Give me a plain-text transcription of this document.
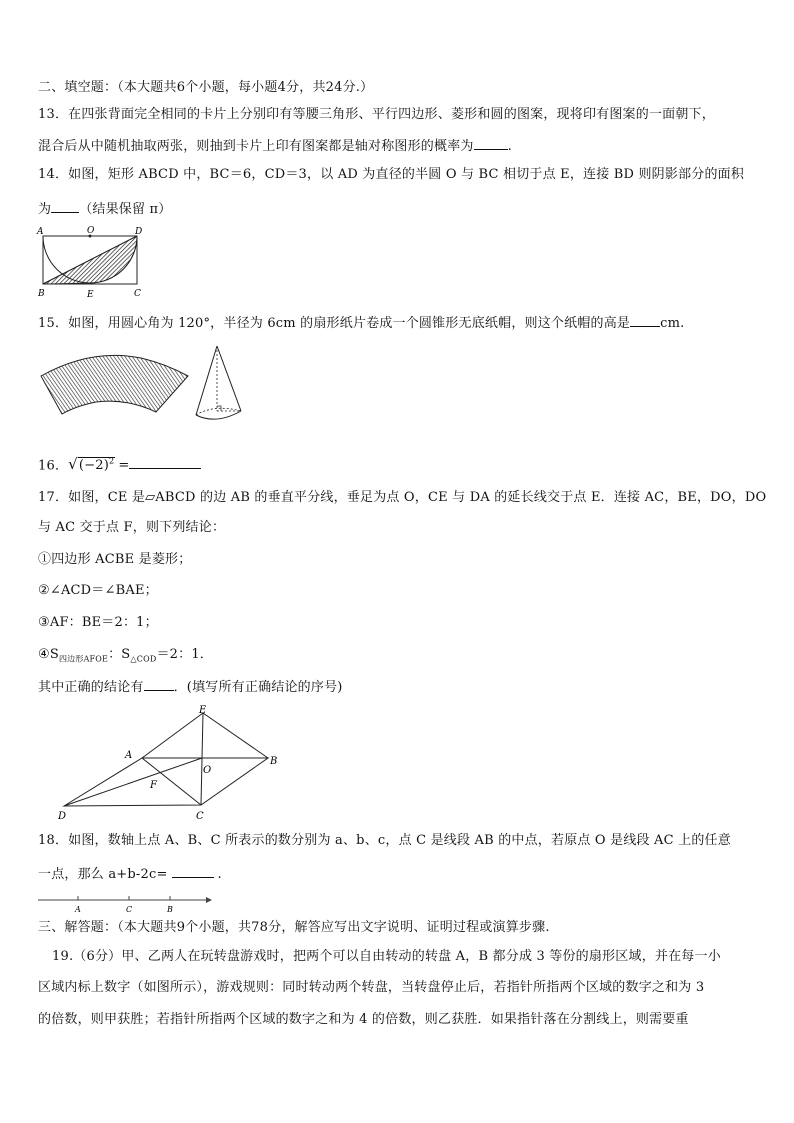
二、填空题：（本大题共6个小题，每小题4分，共24分.）
13．在四张背面完全相同的卡片上分别印有等腰三角形、平行四边形、菱形和圆的图案，现将印有图案的一面朝下，
混合后从中随机抽取两张，则抽到卡片上印有图案都是轴对称图形的概率为	.
14．如图，矩形 ABCD 中，BC＝6，CD＝3，以 AD 为直径的半圆 O 与 BC 相切于点 E，连接 BD 则阴影部分的面积
为 （结果保留 π）
A	O	D
B	E	C
15．如图，用圆心角为 120°，半径为 6cm 的扇形纸片卷成一个圆锥形无底纸帽，则这个纸帽的高是 cm.
16．$√(-2)^2$ =
17．如图，CE 是▱ABCD 的边 AB 的垂直平分线，垂足为点 O，CE 与 DA 的延长线交于点 E．连接 AC，BE，DO，DO
与 AC 交于点 F，则下列结论：
①四边形 ACBE 是菱形；
②∠ACD＝∠BAE；
③AF：BE＝2：1；
$④S_{四边形AFOE}$：$S_{\triangle COD}=2$：1．
其中正确的结论有 ．(填写所有正确结论的序号)
E
A
B
O
F
D	C
18．如图，数轴上点 A、B、C 所表示的数分别为 a、b、c，点 C 是线段 AB 的中点，若原点 O 是线段 AC 上的任意
一点，那么 a+b-2c=	.
A	C	B
三、解答题：（本大题共9个小题，共78分，解答应写出文字说明、证明过程或演算步骤.
19.（6分）甲、乙两人在玩转盘游戏时，把两个可以自由转动的转盘 A，B 都分成 3 等份的扇形区域，并在每一小
区域内标上数字（如图所示），游戏规则：同时转动两个转盘，当转盘停止后，若指针所指两个区域的数字之和为 3
的倍数，则甲获胜；若指针所指两个区域的数字之和为 4 的倍数，则乙获胜．如果指针落在分割线上，则需要重
